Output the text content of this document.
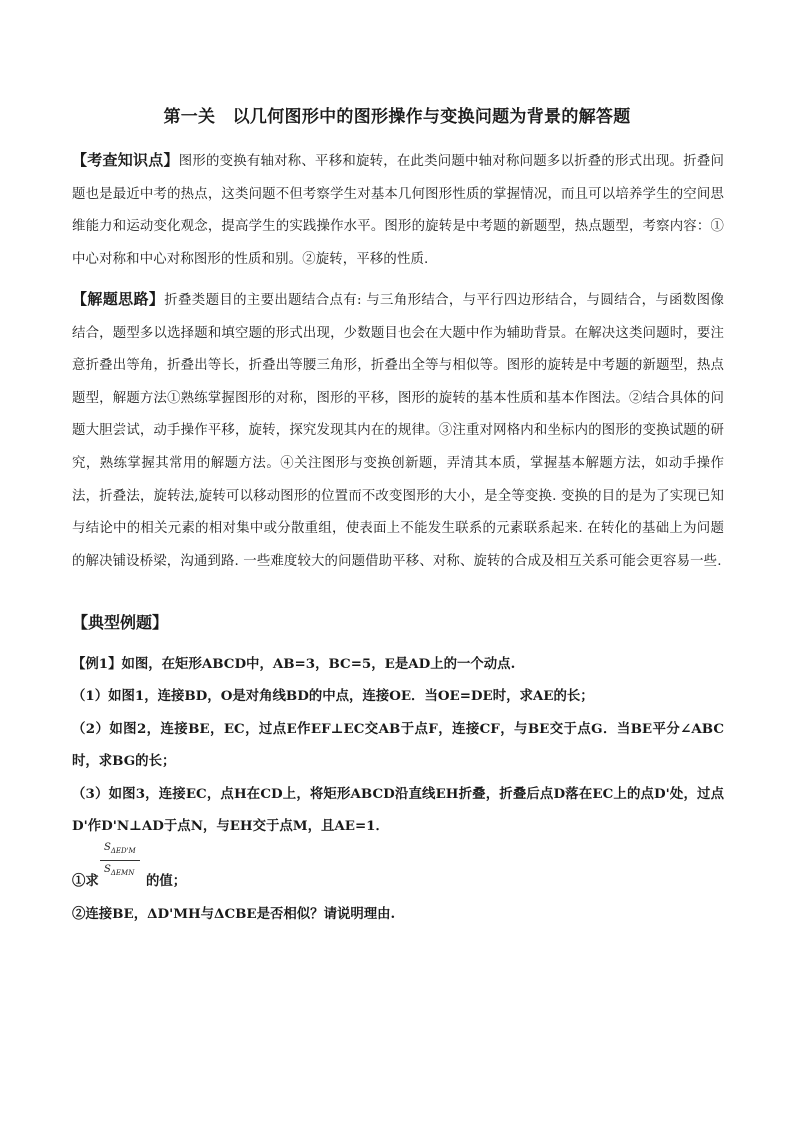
第一关　以几何图形中的图形操作与变换问题为背景的解答题
【考查知识点】图形的变换有轴对称、平移和旋转，在此类问题中轴对称问题多以折叠的形式出现。折叠问题也是最近中考的热点，这类问题不但考察学生对基本几何图形性质的掌握情况，而且可以培养学生的空间思维能力和运动变化观念，提高学生的实践操作水平。图形的旋转是中考题的新题型，热点题型，考察内容：①中心对称和中心对称图形的性质和别。②旋转，平移的性质.
【解题思路】折叠类题目的主要出题结合点有: 与三角形结合，与平行四边形结合，与圆结合，与函数图像结合，题型多以选择题和填空题的形式出现，少数题目也会在大题中作为辅助背景。在解决这类问题时，要注意折叠出等角，折叠出等长，折叠出等腰三角形，折叠出全等与相似等。图形的旋转是中考题的新题型，热点题型，解题方法①熟练掌握图形的对称，图形的平移，图形的旋转的基本性质和基本作图法。②结合具体的问题大胆尝试，动手操作平移，旋转，探究发现其内在的规律。③注重对网格内和坐标内的图形的变换试题的研究，熟练掌握其常用的解题方法。④关注图形与变换创新题，弄清其本质，掌握基本解题方法，如动手操作法，折叠法，旋转法,旋转可以移动图形的位置而不改变图形的大小，是全等变换. 变换的目的是为了实现已知与结论中的相关元素的相对集中或分散重组，使表面上不能发生联系的元素联系起来. 在转化的基础上为问题的解决铺设桥梁，沟通到路. 一些难度较大的问题借助平移、对称、旋转的合成及相互关系可能会更容易一些.
【典型例题】
【例1】如图，在矩形ABCD中，AB=3，BC=5，E是AD上的一个动点.
（1）如图1，连接BD，O是对角线BD的中点，连接OE．当OE=DE时，求AE的长；
（2）如图2，连接BE，EC，过点E作EF⊥EC交AB于点F，连接CF，与BE交于点G．当BE平分∠ABC时，求BG的长；
（3）如图3，连接EC，点H在CD上，将矩形ABCD沿直线EH折叠，折叠后点D落在EC上的点D'处，过点D'作D'N⊥AD于点N，与EH交于点M，且AE=1．
①求
$S_{\Delta ED'M}$
$S_{\Delta EMN}$ 的值；
②连接BE，ΔD'MH与ΔCBE是否相似？请说明理由.
